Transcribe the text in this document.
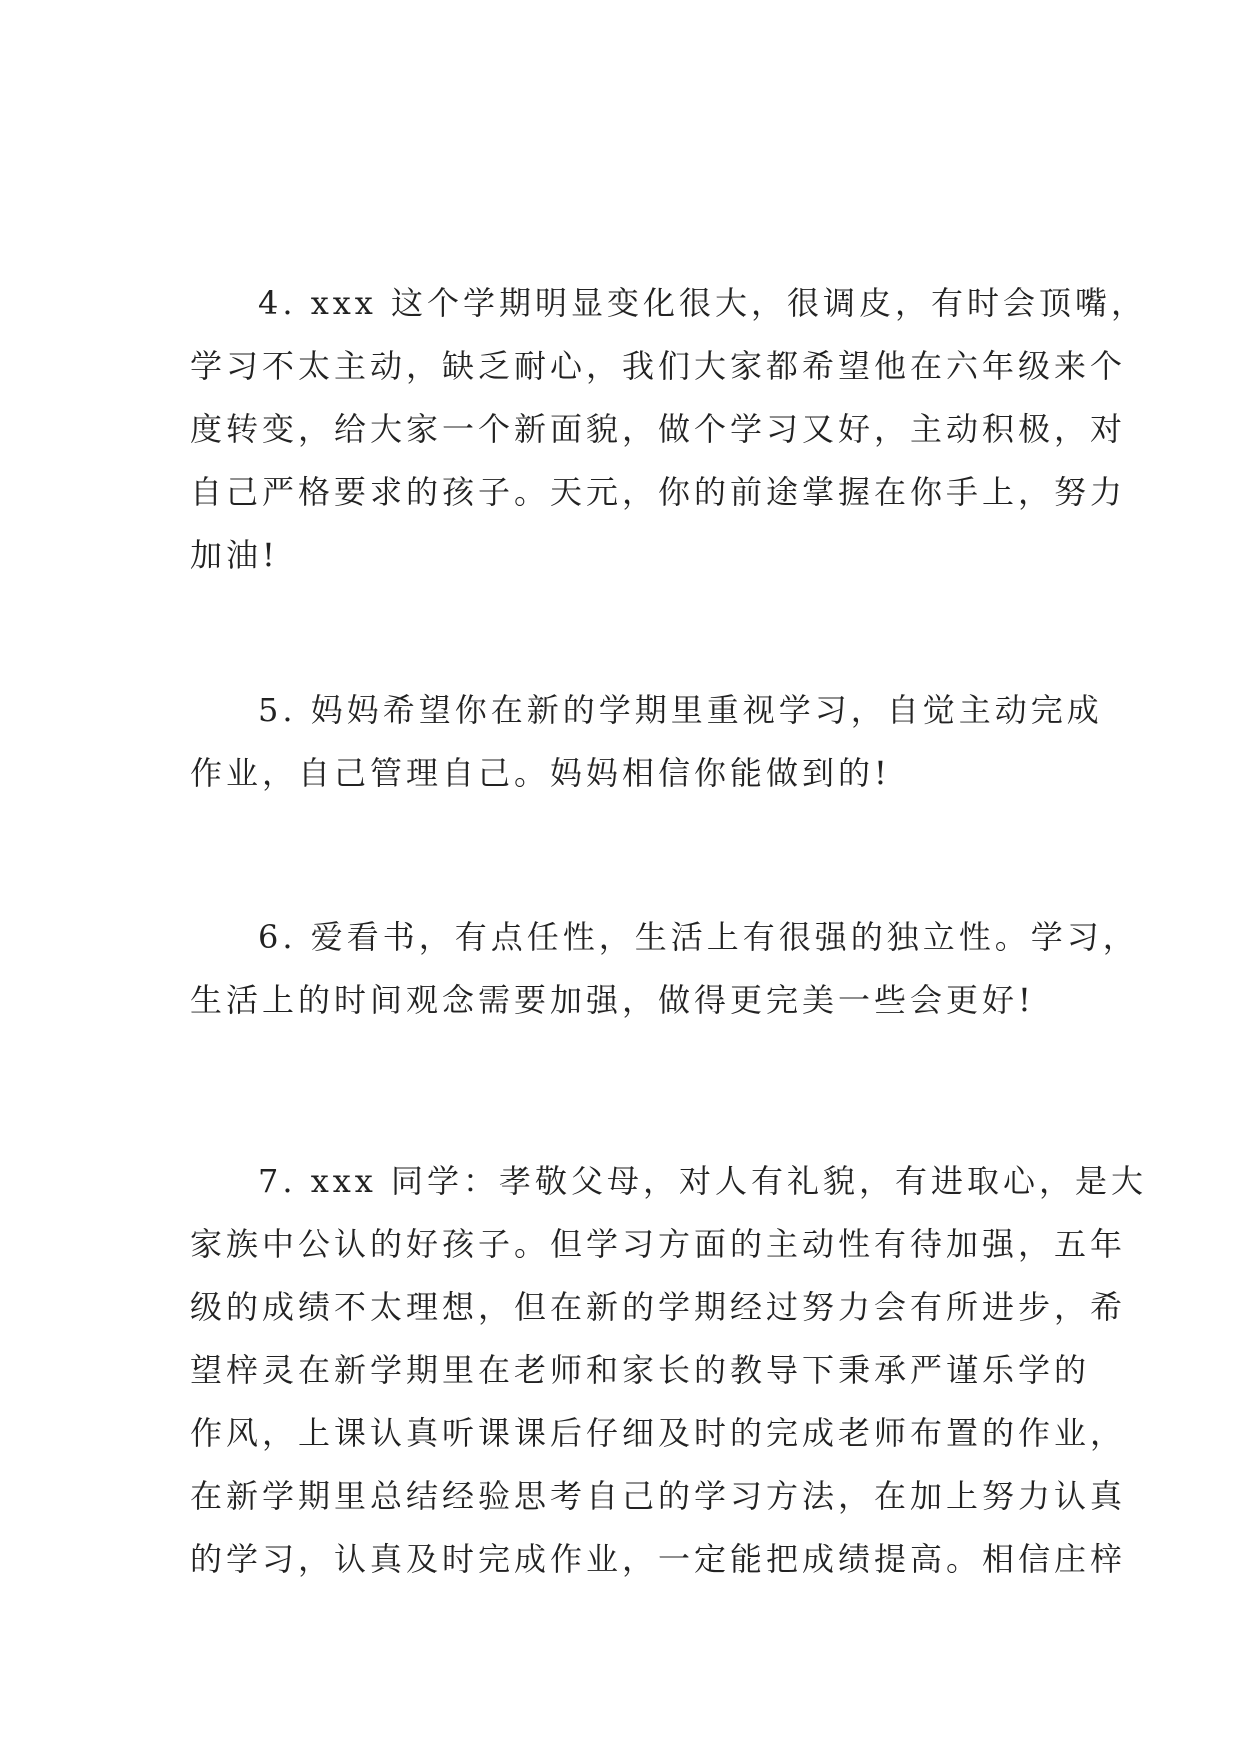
4. xxx 这个学期明显变化很大，很调皮，有时会顶嘴，
学习不太主动，缺乏耐心，我们大家都希望他在六年级来个
度转变，给大家一个新面貌，做个学习又好，主动积极，对
自己严格要求的孩子。天元，你的前途掌握在你手上，努力
加油!
5. 妈妈希望你在新的学期里重视学习，自觉主动完成
作业，自己管理自己。妈妈相信你能做到的!
6. 爱看书，有点任性，生活上有很强的独立性。学习，
生活上的时间观念需要加强，做得更完美一些会更好!
7. xxx 同学：孝敬父母，对人有礼貌，有进取心，是大
家族中公认的好孩子。但学习方面的主动性有待加强，五年
级的成绩不太理想，但在新的学期经过努力会有所进步，希
望梓灵在新学期里在老师和家长的教导下秉承严谨乐学的
作风，上课认真听课课后仔细及时的完成老师布置的作业，
在新学期里总结经验思考自己的学习方法，在加上努力认真
的学习，认真及时完成作业，一定能把成绩提高。相信庄梓
